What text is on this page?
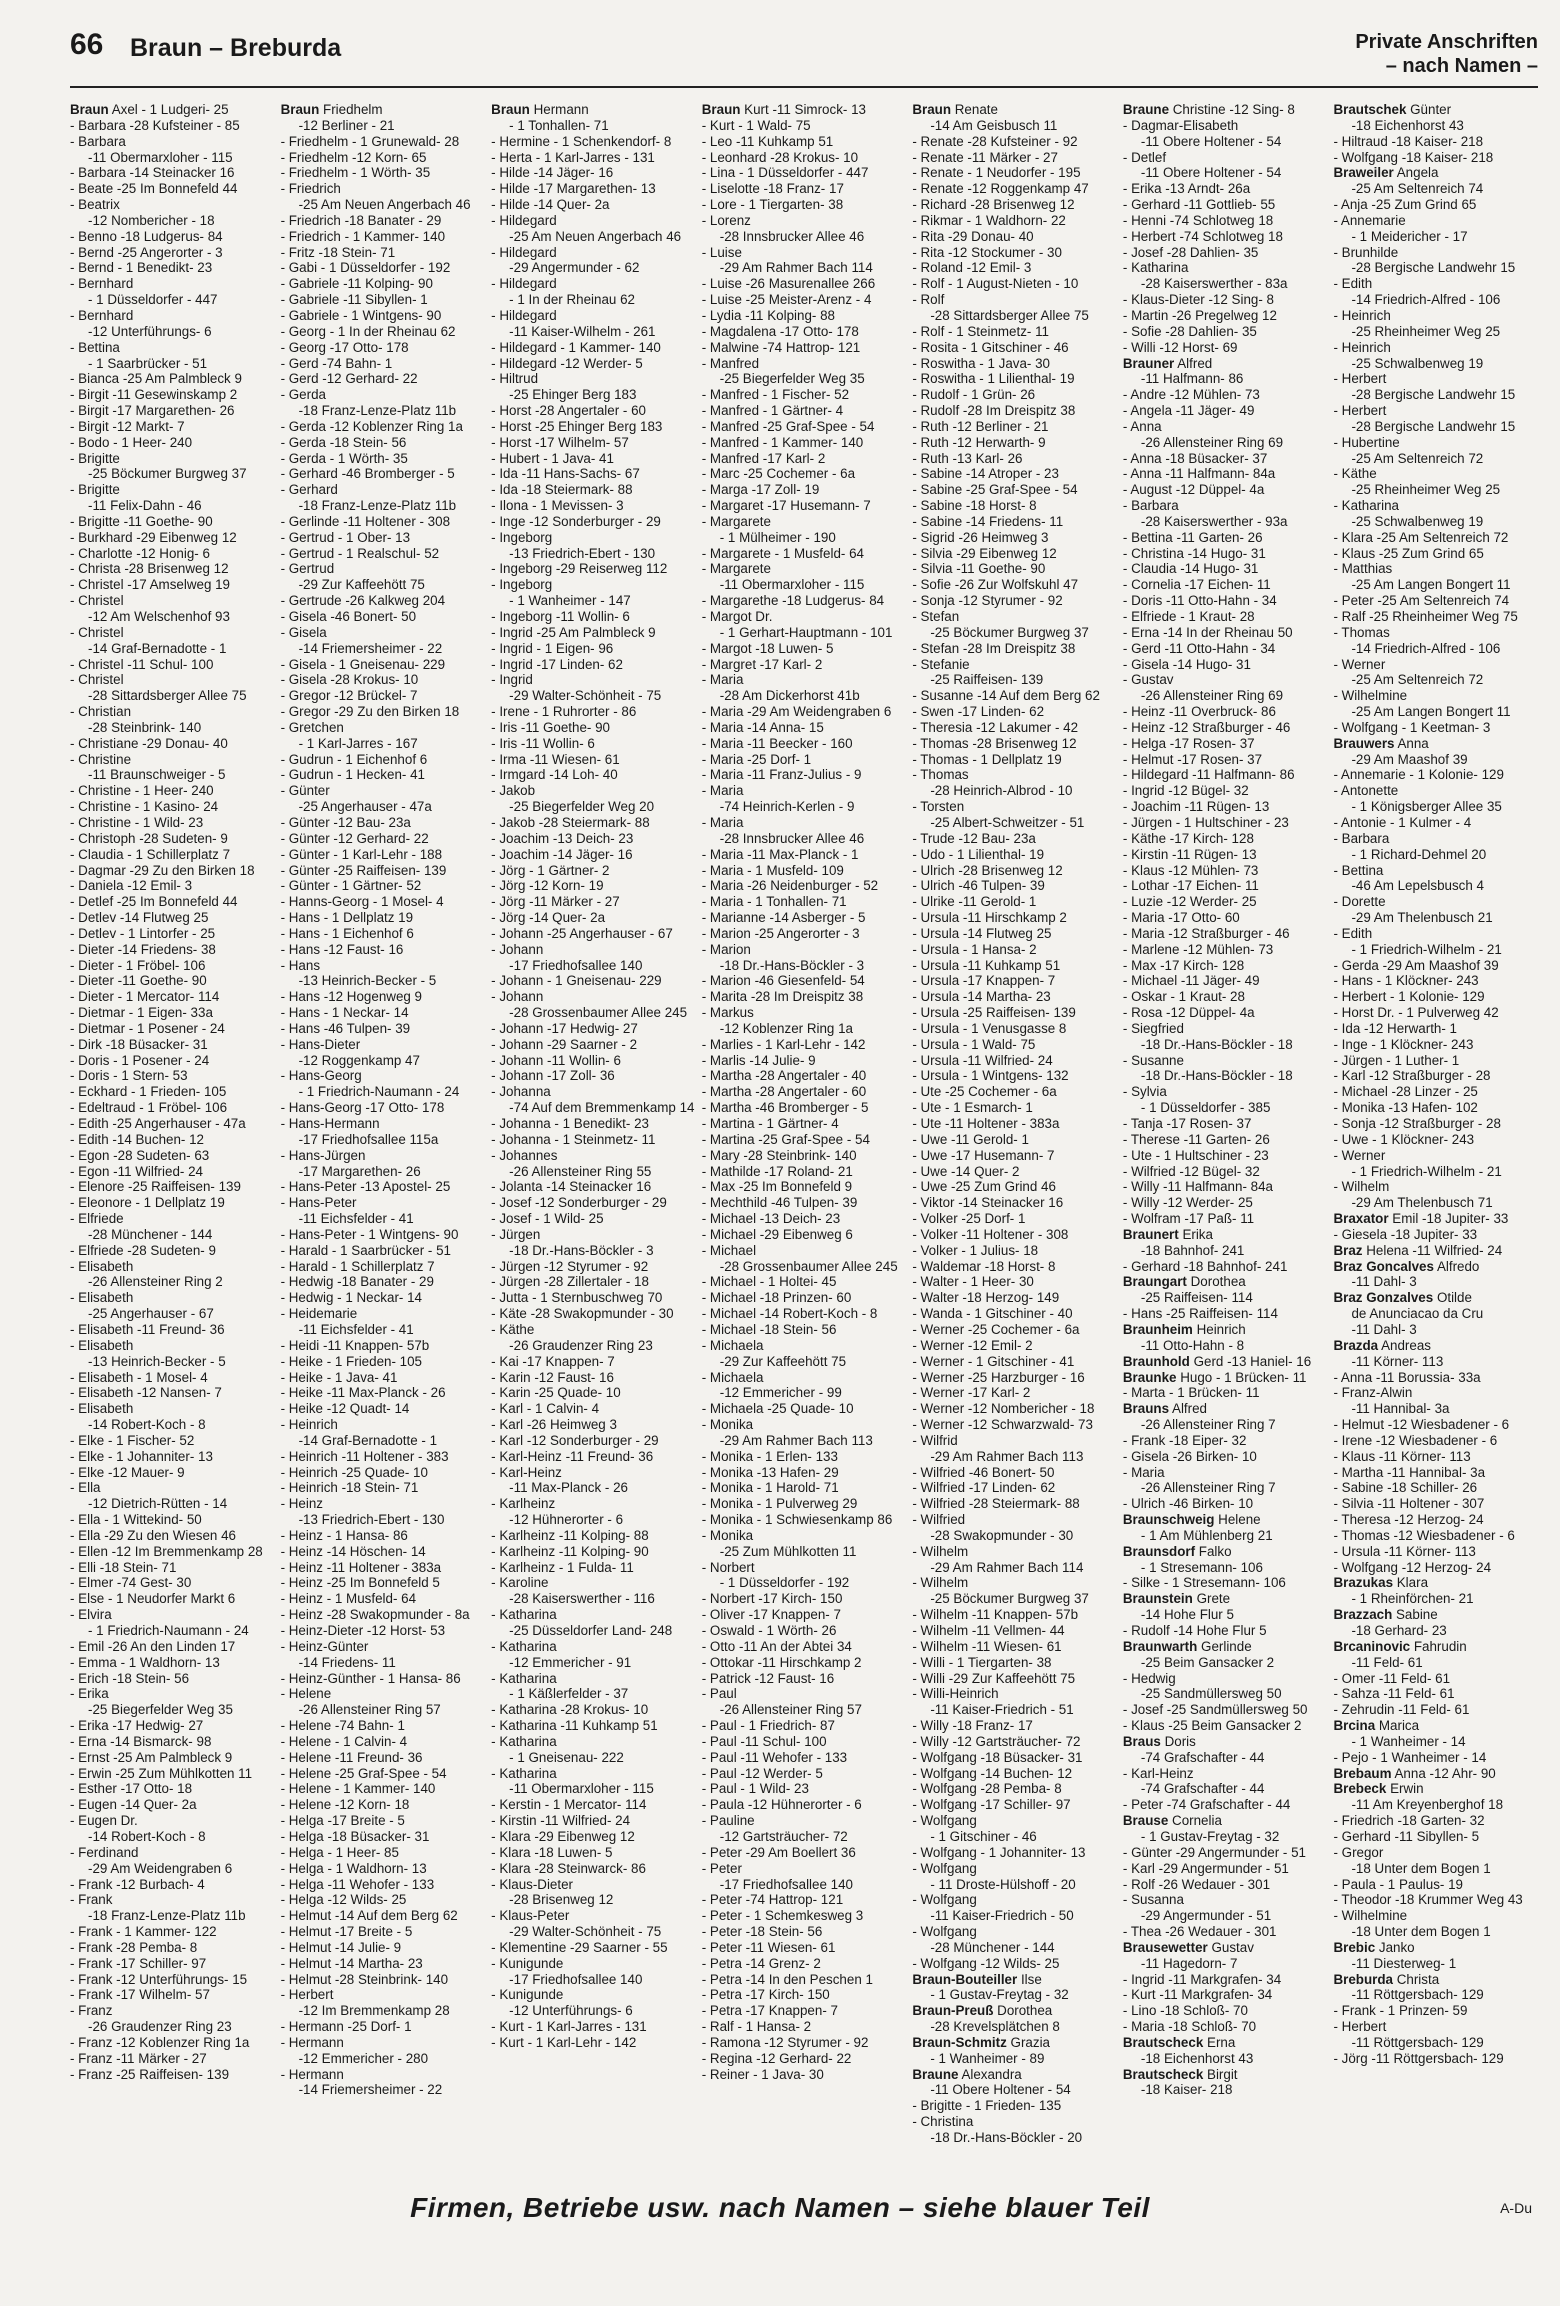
66 Braun – Breburda	Private Anschriften
– nach Namen –
Braun Axel - 1 Ludgeri- 25
- Barbara -28 Kufsteiner - 85
- Barbara
-11 Obermarxloher - 115
- Barbara -14 Steinacker 16
- Beate -25 Im Bonnefeld 44
- Beatrix
-12 Nombericher - 18
- Benno -18 Ludgerus- 84
- Bernd -25 Angerorter - 3
- Bernd - 1 Benedikt- 23
- Bernhard
- 1 Düsseldorfer - 447
- Bernhard
-12 Unterführungs- 6
- Bettina
- 1 Saarbrücker - 51
- Bianca -25 Am Palmbleck 9
- Birgit -11 Gesewinskamp 2
- Birgit -17 Margarethen- 26
- Birgit -12 Markt- 7
- Bodo - 1 Heer- 240
- Brigitte
-25 Böckumer Burgweg 37
- Brigitte
-11 Felix-Dahn - 46
- Brigitte -11 Goethe- 90
- Burkhard -29 Eibenweg 12
- Charlotte -12 Honig- 6
- Christa -28 Brisenweg 12
- Christel -17 Amselweg 19
- Christel
-12 Am Welschenhof 93
- Christel
-14 Graf-Bernadotte - 1
- Christel -11 Schul- 100
- Christel
-28 Sittardsberger Allee 75
- Christian
-28 Steinbrink- 140
- Christiane -29 Donau- 40
- Christine
-11 Braunschweiger - 5
- Christine - 1 Heer- 240
- Christine - 1 Kasino- 24
- Christine - 1 Wild- 23
- Christoph -28 Sudeten- 9
- Claudia - 1 Schillerplatz 7
- Dagmar -29 Zu den Birken 18
- Daniela -12 Emil- 3
- Detlef -25 Im Bonnefeld 44
- Detlev -14 Flutweg 25
- Detlev - 1 Lintorfer - 25
- Dieter -14 Friedens- 38
- Dieter - 1 Fröbel- 106
- Dieter -11 Goethe- 90
- Dieter - 1 Mercator- 114
- Dietmar - 1 Eigen- 33a
- Dietmar - 1 Posener - 24
- Dirk -18 Büsacker- 31
- Doris - 1 Posener - 24
- Doris - 1 Stern- 53
- Eckhard - 1 Frieden- 105
- Edeltraud - 1 Fröbel- 106
- Edith -25 Angerhauser - 47a
- Edith -14 Buchen- 12
- Egon -28 Sudeten- 63
- Egon -11 Wilfried- 24
- Elenore -25 Raiffeisen- 139
- Eleonore - 1 Dellplatz 19
- Elfriede
-28 Münchener - 144
- Elfriede -28 Sudeten- 9
- Elisabeth
-26 Allensteiner Ring 2
- Elisabeth
-25 Angerhauser - 67
- Elisabeth -11 Freund- 36
- Elisabeth
-13 Heinrich-Becker - 5
- Elisabeth - 1 Mosel- 4
- Elisabeth -12 Nansen- 7
- Elisabeth
-14 Robert-Koch - 8
- Elke - 1 Fischer- 52
- Elke - 1 Johanniter- 13
- Elke -12 Mauer- 9
- Ella
-12 Dietrich-Rütten - 14
- Ella - 1 Wittekind- 50
- Ella -29 Zu den Wiesen 46
- Ellen -12 Im Bremmenkamp 28
- Elli -18 Stein- 71
- Elmer -74 Gest- 30
- Else - 1 Neudorfer Markt 6
- Elvira
- 1 Friedrich-Naumann - 24
- Emil -26 An den Linden 17
- Emma - 1 Waldhorn- 13
- Erich -18 Stein- 56
- Erika
-25 Biegerfelder Weg 35
- Erika -17 Hedwig- 27
- Erna -14 Bismarck- 98
- Ernst -25 Am Palmbleck 9
- Erwin -25 Zum Mühlkotten 11
- Esther -17 Otto- 18
- Eugen -14 Quer- 2a
- Eugen Dr.
-14 Robert-Koch - 8
- Ferdinand
-29 Am Weidengraben 6
- Frank -12 Burbach- 4
- Frank
-18 Franz-Lenze-Platz 11b
- Frank - 1 Kammer- 122
- Frank -28 Pemba- 8
- Frank -17 Schiller- 97
- Frank -12 Unterführungs- 15
- Frank -17 Wilhelm- 57
- Franz
-26 Graudenzer Ring 23
- Franz -12 Koblenzer Ring 1a
- Franz -11 Märker - 27
- Franz -25 Raiffeisen- 139
Braun Friedhelm
-12 Berliner - 21
- Friedhelm - 1 Grunewald- 28
- Friedhelm -12 Korn- 65
- Friedhelm - 1 Wörth- 35
- Friedrich
-25 Am Neuen Angerbach 46
- Friedrich -18 Banater - 29
- Friedrich - 1 Kammer- 140
- Fritz -18 Stein- 71
- Gabi - 1 Düsseldorfer - 192
- Gabriele -11 Kolping- 90
- Gabriele -11 Sibyllen- 1
- Gabriele - 1 Wintgens- 90
- Georg - 1 In der Rheinau 62
- Georg -17 Otto- 178
- Gerd -74 Bahn- 1
- Gerd -12 Gerhard- 22
- Gerda
-18 Franz-Lenze-Platz 11b
- Gerda -12 Koblenzer Ring 1a
- Gerda -18 Stein- 56
- Gerda - 1 Wörth- 35
- Gerhard -46 Bromberger - 5
- Gerhard
-18 Franz-Lenze-Platz 11b
- Gerlinde -11 Holtener - 308
- Gertrud - 1 Ober- 13
- Gertrud - 1 Realschul- 52
- Gertrud
-29 Zur Kaffeehött 75
- Gertrude -26 Kalkweg 204
- Gisela -46 Bonert- 50
- Gisela
-14 Friemersheimer - 22
- Gisela - 1 Gneisenau- 229
- Gisela -28 Krokus- 10
- Gregor -12 Brückel- 7
- Gregor -29 Zu den Birken 18
- Gretchen
- 1 Karl-Jarres - 167
- Gudrun - 1 Eichenhof 6
- Gudrun - 1 Hecken- 41
- Günter
-25 Angerhauser - 47a
- Günter -12 Bau- 23a
- Günter -12 Gerhard- 22
- Günter - 1 Karl-Lehr - 188
- Günter -25 Raiffeisen- 139
- Günter - 1 Gärtner- 52
- Hanns-Georg - 1 Mosel- 4
- Hans - 1 Dellplatz 19
- Hans - 1 Eichenhof 6
- Hans -12 Faust- 16
- Hans
-13 Heinrich-Becker - 5
- Hans -12 Hogenweg 9
- Hans - 1 Neckar- 14
- Hans -46 Tulpen- 39
- Hans-Dieter
-12 Roggenkamp 47
- Hans-Georg
- 1 Friedrich-Naumann - 24
- Hans-Georg -17 Otto- 178
- Hans-Hermann
-17 Friedhofsallee 115a
- Hans-Jürgen
-17 Margarethen- 26
- Hans-Peter -13 Apostel- 25
- Hans-Peter
-11 Eichsfelder - 41
- Hans-Peter - 1 Wintgens- 90
- Harald - 1 Saarbrücker - 51
- Harald - 1 Schillerplatz 7
- Hedwig -18 Banater - 29
- Hedwig - 1 Neckar- 14
- Heidemarie
-11 Eichsfelder - 41
- Heidi -11 Knappen- 57b
- Heike - 1 Frieden- 105
- Heike - 1 Java- 41
- Heike -11 Max-Planck - 26
- Heike -12 Quadt- 14
- Heinrich
-14 Graf-Bernadotte - 1
- Heinrich -11 Holtener - 383
- Heinrich -25 Quade- 10
- Heinrich -18 Stein- 71
- Heinz
-13 Friedrich-Ebert - 130
- Heinz - 1 Hansa- 86
- Heinz -14 Höschen- 14
- Heinz -11 Holtener - 383a
- Heinz -25 Im Bonnefeld 5
- Heinz - 1 Musfeld- 64
- Heinz -28 Swakopmunder - 8a
- Heinz-Dieter -12 Horst- 53
- Heinz-Günter
-14 Friedens- 11
- Heinz-Günther - 1 Hansa- 86
- Helene
-26 Allensteiner Ring 57
- Helene -74 Bahn- 1
- Helene - 1 Calvin- 4
- Helene -11 Freund- 36
- Helene -25 Graf-Spee - 54
- Helene - 1 Kammer- 140
- Helene -12 Korn- 18
- Helga -17 Breite - 5
- Helga -18 Büsacker- 31
- Helga - 1 Heer- 85
- Helga - 1 Waldhorn- 13
- Helga -11 Wehofer - 133
- Helga -12 Wilds- 25
- Helmut -14 Auf dem Berg 62
- Helmut -17 Breite - 5
- Helmut -14 Julie- 9
- Helmut -14 Martha- 23
- Helmut -28 Steinbrink- 140
- Herbert
-12 Im Bremmenkamp 28
- Hermann -25 Dorf- 1
- Hermann
-12 Emmericher - 280
- Hermann
-14 Friemersheimer - 22
Braun Hermann
- 1 Tonhallen- 71
- Hermine - 1 Schenkendorf- 8
- Herta - 1 Karl-Jarres - 131
- Hilde -14 Jäger- 16
- Hilde -17 Margarethen- 13
- Hilde -14 Quer- 2a
- Hildegard
-25 Am Neuen Angerbach 46
- Hildegard
-29 Angermunder - 62
- Hildegard
- 1 In der Rheinau 62
- Hildegard
-11 Kaiser-Wilhelm - 261
- Hildegard - 1 Kammer- 140
- Hildegard -12 Werder- 5
- Hiltrud
-25 Ehinger Berg 183
- Horst -28 Angertaler - 60
- Horst -25 Ehinger Berg 183
- Horst -17 Wilhelm- 57
- Hubert - 1 Java- 41
- Ida -11 Hans-Sachs- 67
- Ida -18 Steiermark- 88
- Ilona - 1 Mevissen- 3
- Inge -12 Sonderburger - 29
- Ingeborg
-13 Friedrich-Ebert - 130
- Ingeborg -29 Reiserweg 112
- Ingeborg
- 1 Wanheimer - 147
- Ingeborg -11 Wollin- 6
- Ingrid -25 Am Palmbleck 9
- Ingrid - 1 Eigen- 96
- Ingrid -17 Linden- 62
- Ingrid
-29 Walter-Schönheit - 75
- Irene - 1 Ruhrorter - 86
- Iris -11 Goethe- 90
- Iris -11 Wollin- 6
- Irma -11 Wiesen- 61
- Irmgard -14 Loh- 40
- Jakob
-25 Biegerfelder Weg 20
- Jakob -28 Steiermark- 88
- Joachim -13 Deich- 23
- Joachim -14 Jäger- 16
- Jörg - 1 Gärtner- 2
- Jörg -12 Korn- 19
- Jörg -11 Märker - 27
- Jörg -14 Quer- 2a
- Johann -25 Angerhauser - 67
- Johann
-17 Friedhofsallee 140
- Johann - 1 Gneisenau- 229
- Johann
-28 Grossenbaumer Allee 245
- Johann -17 Hedwig- 27
- Johann -29 Saarner - 2
- Johann -11 Wollin- 6
- Johann -17 Zoll- 36
- Johanna
-74 Auf dem Bremmenkamp 14
- Johanna - 1 Benedikt- 23
- Johanna - 1 Steinmetz- 11
- Johannes
-26 Allensteiner Ring 55
- Jolanta -14 Steinacker 16
- Josef -12 Sonderburger - 29
- Josef - 1 Wild- 25
- Jürgen
-18 Dr.-Hans-Böckler - 3
- Jürgen -12 Styrumer - 92
- Jürgen -28 Zillertaler - 18
- Jutta - 1 Sternbuschweg 70
- Käte -28 Swakopmunder - 30
- Käthe
-26 Graudenzer Ring 23
- Kai -17 Knappen- 7
- Karin -12 Faust- 16
- Karin -25 Quade- 10
- Karl - 1 Calvin- 4
- Karl -26 Heimweg 3
- Karl -12 Sonderburger - 29
- Karl-Heinz -11 Freund- 36
- Karl-Heinz
-11 Max-Planck - 26
- Karlheinz
-12 Hühnerorter - 6
- Karlheinz -11 Kolping- 88
- Karlheinz -11 Kolping- 90
- Karlheinz - 1 Fulda- 11
- Karoline
-28 Kaiserswerther - 116
- Katharina
-25 Düsseldorfer Land- 248
- Katharina
-12 Emmericher - 91
- Katharina
- 1 Käßlerfelder - 37
- Katharina -28 Krokus- 10
- Katharina -11 Kuhkamp 51
- Katharina
- 1 Gneisenau- 222
- Katharina
-11 Obermarxloher - 115
- Kerstin - 1 Mercator- 114
- Kirstin -11 Wilfried- 24
- Klara -29 Eibenweg 12
- Klara -18 Luwen- 5
- Klara -28 Steinwarck- 86
- Klaus-Dieter
-28 Brisenweg 12
- Klaus-Peter
-29 Walter-Schönheit - 75
- Klementine -29 Saarner - 55
- Kunigunde
-17 Friedhofsallee 140
- Kunigunde
-12 Unterführungs- 6
- Kurt - 1 Karl-Jarres - 131
- Kurt - 1 Karl-Lehr - 142
Braun Kurt -11 Simrock- 13
- Kurt - 1 Wald- 75
- Leo -11 Kuhkamp 51
- Leonhard -28 Krokus- 10
- Lina - 1 Düsseldorfer - 447
- Liselotte -18 Franz- 17
- Lore - 1 Tiergarten- 38
- Lorenz
-28 Innsbrucker Allee 46
- Luise
-29 Am Rahmer Bach 114
- Luise -26 Masurenallee 266
- Luise -25 Meister-Arenz - 4
- Lydia -11 Kolping- 88
- Magdalena -17 Otto- 178
- Malwine -74 Hattrop- 121
- Manfred
-25 Biegerfelder Weg 35
- Manfred - 1 Fischer- 52
- Manfred - 1 Gärtner- 4
- Manfred -25 Graf-Spee - 54
- Manfred - 1 Kammer- 140
- Manfred -17 Karl- 2
- Marc -25 Cochemer - 6a
- Marga -17 Zoll- 19
- Margaret -17 Husemann- 7
- Margarete
- 1 Mülheimer - 190
- Margarete - 1 Musfeld- 64
- Margarete
-11 Obermarxloher - 115
- Margarethe -18 Ludgerus- 84
- Margot Dr.
- 1 Gerhart-Hauptmann - 101
- Margot -18 Luwen- 5
- Margret -17 Karl- 2
- Maria
-28 Am Dickerhorst 41b
- Maria -29 Am Weidengraben 6
- Maria -14 Anna- 15
- Maria -11 Beecker - 160
- Maria -25 Dorf- 1
- Maria -11 Franz-Julius - 9
- Maria
-74 Heinrich-Kerlen - 9
- Maria
-28 Innsbrucker Allee 46
- Maria -11 Max-Planck - 1
- Maria - 1 Musfeld- 109
- Maria -26 Neidenburger - 52
- Maria - 1 Tonhallen- 71
- Marianne -14 Asberger - 5
- Marion -25 Angerorter - 3
- Marion
-18 Dr.-Hans-Böckler - 3
- Marion -46 Giesenfeld- 54
- Marita -28 Im Dreispitz 38
- Markus
-12 Koblenzer Ring 1a
- Marlies - 1 Karl-Lehr - 142
- Marlis -14 Julie- 9
- Martha -28 Angertaler - 40
- Martha -28 Angertaler - 60
- Martha -46 Bromberger - 5
- Martina - 1 Gärtner- 4
- Martina -25 Graf-Spee - 54
- Mary -28 Steinbrink- 140
- Mathilde -17 Roland- 21
- Max -25 Im Bonnefeld 9
- Mechthild -46 Tulpen- 39
- Michael -13 Deich- 23
- Michael -29 Eibenweg 6
- Michael
-28 Grossenbaumer Allee 245
- Michael - 1 Holtei- 45
- Michael -18 Prinzen- 60
- Michael -14 Robert-Koch - 8
- Michael -18 Stein- 56
- Michaela
-29 Zur Kaffeehött 75
- Michaela
-12 Emmericher - 99
- Michaela -25 Quade- 10
- Monika
-29 Am Rahmer Bach 113
- Monika - 1 Erlen- 133
- Monika -13 Hafen- 29
- Monika - 1 Harold- 71
- Monika - 1 Pulverweg 29
- Monika - 1 Schwiesenkamp 86
- Monika
-25 Zum Mühlkotten 11
- Norbert
- 1 Düsseldorfer - 192
- Norbert -17 Kirch- 150
- Oliver -17 Knappen- 7
- Oswald - 1 Wörth- 26
- Otto -11 An der Abtei 34
- Ottokar -11 Hirschkamp 2
- Patrick -12 Faust- 16
- Paul
-26 Allensteiner Ring 57
- Paul - 1 Friedrich- 87
- Paul -11 Schul- 100
- Paul -11 Wehofer - 133
- Paul -12 Werder- 5
- Paul - 1 Wild- 23
- Paula -12 Hühnerorter - 6
- Pauline
-12 Gartsträucher- 72
- Peter -29 Am Boellert 36
- Peter
-17 Friedhofsallee 140
- Peter -74 Hattrop- 121
- Peter - 1 Schemkesweg 3
- Peter -18 Stein- 56
- Peter -11 Wiesen- 61
- Petra -14 Grenz- 2
- Petra -14 In den Peschen 1
- Petra -17 Kirch- 150
- Petra -17 Knappen- 7
- Ralf - 1 Hansa- 2
- Ramona -12 Styrumer - 92
- Regina -12 Gerhard- 22
- Reiner - 1 Java- 30
Braun Renate
-14 Am Geisbusch 11
- Renate -28 Kufsteiner - 92
- Renate -11 Märker - 27
- Renate - 1 Neudorfer - 195
- Renate -12 Roggenkamp 47
- Richard -28 Brisenweg 12
- Rikmar - 1 Waldhorn- 22
- Rita -29 Donau- 40
- Rita -12 Stockumer - 30
- Roland -12 Emil- 3
- Rolf - 1 August-Nieten - 10
- Rolf
-28 Sittardsberger Allee 75
- Rolf - 1 Steinmetz- 11
- Rosita - 1 Gitschiner - 46
- Roswitha - 1 Java- 30
- Roswitha - 1 Lilienthal- 19
- Rudolf - 1 Grün- 26
- Rudolf -28 Im Dreispitz 38
- Ruth -12 Berliner - 21
- Ruth -12 Herwarth- 9
- Ruth -13 Karl- 26
- Sabine -14 Atroper - 23
- Sabine -25 Graf-Spee - 54
- Sabine -18 Horst- 8
- Sabine -14 Friedens- 11
- Sigrid -26 Heimweg 3
- Silvia -29 Eibenweg 12
- Silvia -11 Goethe- 90
- Sofie -26 Zur Wolfskuhl 47
- Sonja -12 Styrumer - 92
- Stefan
-25 Böckumer Burgweg 37
- Stefan -28 Im Dreispitz 38
- Stefanie
-25 Raiffeisen- 139
- Susanne -14 Auf dem Berg 62
- Swen -17 Linden- 62
- Theresia -12 Lakumer - 42
- Thomas -28 Brisenweg 12
- Thomas - 1 Dellplatz 19
- Thomas
-28 Heinrich-Albrod - 10
- Torsten
-25 Albert-Schweitzer - 51
- Trude -12 Bau- 23a
- Udo - 1 Lilienthal- 19
- Ulrich -28 Brisenweg 12
- Ulrich -46 Tulpen- 39
- Ulrike -11 Gerold- 1
- Ursula -11 Hirschkamp 2
- Ursula -14 Flutweg 25
- Ursula - 1 Hansa- 2
- Ursula -11 Kuhkamp 51
- Ursula -17 Knappen- 7
- Ursula -14 Martha- 23
- Ursula -25 Raiffeisen- 139
- Ursula - 1 Venusgasse 8
- Ursula - 1 Wald- 75
- Ursula -11 Wilfried- 24
- Ursula - 1 Wintgens- 132
- Ute -25 Cochemer - 6a
- Ute - 1 Esmarch- 1
- Ute -11 Holtener - 383a
- Uwe -11 Gerold- 1
- Uwe -17 Husemann- 7
- Uwe -14 Quer- 2
- Uwe -25 Zum Grind 46
- Viktor -14 Steinacker 16
- Volker -25 Dorf- 1
- Volker -11 Holtener - 308
- Volker - 1 Julius- 18
- Waldemar -18 Horst- 8
- Walter - 1 Heer- 30
- Walter -18 Herzog- 149
- Wanda - 1 Gitschiner - 40
- Werner -25 Cochemer - 6a
- Werner -12 Emil- 2
- Werner - 1 Gitschiner - 41
- Werner -25 Harzburger - 16
- Werner -17 Karl- 2
- Werner -12 Nombericher - 18
- Werner -12 Schwarzwald- 73
- Wilfrid
-29 Am Rahmer Bach 113
- Wilfried -46 Bonert- 50
- Wilfried -17 Linden- 62
- Wilfried -28 Steiermark- 88
- Wilfried
-28 Swakopmunder - 30
- Wilhelm
-29 Am Rahmer Bach 114
- Wilhelm
-25 Böckumer Burgweg 37
- Wilhelm -11 Knappen- 57b
- Wilhelm -11 Vellmen- 44
- Wilhelm -11 Wiesen- 61
- Willi - 1 Tiergarten- 38
- Willi -29 Zur Kaffeehött 75
- Willi-Heinrich
-11 Kaiser-Friedrich - 51
- Willy -18 Franz- 17
- Willy -12 Gartsträucher- 72
- Wolfgang -18 Büsacker- 31
- Wolfgang -14 Buchen- 12
- Wolfgang -28 Pemba- 8
- Wolfgang -17 Schiller- 97
- Wolfgang
- 1 Gitschiner - 46
- Wolfgang - 1 Johanniter- 13
- Wolfgang
- 11 Droste-Hülshoff - 20
- Wolfgang
-11 Kaiser-Friedrich - 50
- Wolfgang
-28 Münchener - 144
- Wolfgang -12 Wilds- 25
Braun-Bouteiller Ilse
- 1 Gustav-Freytag - 32
Braun-Preuß Dorothea
-28 Krevelsplätchen 8
Braun-Schmitz Grazia
- 1 Wanheimer - 89
Braune Alexandra
-11 Obere Holtener - 54
- Brigitte - 1 Frieden- 135
- Christina
-18 Dr.-Hans-Böckler - 20
Braune Christine -12 Sing- 8
- Dagmar-Elisabeth
-11 Obere Holtener - 54
- Detlef
-11 Obere Holtener - 54
- Erika -13 Arndt- 26a
- Gerhard -11 Gottlieb- 55
- Henni -74 Schlotweg 18
- Herbert -74 Schlotweg 18
- Josef -28 Dahlien- 35
- Katharina
-28 Kaiserswerther - 83a
- Klaus-Dieter -12 Sing- 8
- Martin -26 Pregelweg 12
- Sofie -28 Dahlien- 35
- Willi -12 Horst- 69
Brauner Alfred
-11 Halfmann- 86
- Andre -12 Mühlen- 73
- Angela -11 Jäger- 49
- Anna
-26 Allensteiner Ring 69
- Anna -18 Büsacker- 37
- Anna -11 Halfmann- 84a
- August -12 Düppel- 4a
- Barbara
-28 Kaiserswerther - 93a
- Bettina -11 Garten- 26
- Christina -14 Hugo- 31
- Claudia -14 Hugo- 31
- Cornelia -17 Eichen- 11
- Doris -11 Otto-Hahn - 34
- Elfriede - 1 Kraut- 28
- Erna -14 In der Rheinau 50
- Gerd -11 Otto-Hahn - 34
- Gisela -14 Hugo- 31
- Gustav
-26 Allensteiner Ring 69
- Heinz -11 Overbruck- 86
- Heinz -12 Straßburger - 46
- Helga -17 Rosen- 37
- Helmut -17 Rosen- 37
- Hildegard -11 Halfmann- 86
- Ingrid -12 Bügel- 32
- Joachim -11 Rügen- 13
- Jürgen - 1 Hultschiner - 23
- Käthe -17 Kirch- 128
- Kirstin -11 Rügen- 13
- Klaus -12 Mühlen- 73
- Lothar -17 Eichen- 11
- Luzie -12 Werder- 25
- Maria -17 Otto- 60
- Maria -12 Straßburger - 46
- Marlene -12 Mühlen- 73
- Max -17 Kirch- 128
- Michael -11 Jäger- 49
- Oskar - 1 Kraut- 28
- Rosa -12 Düppel- 4a
- Siegfried
-18 Dr.-Hans-Böckler - 18
- Susanne
-18 Dr.-Hans-Böckler - 18
- Sylvia
- 1 Düsseldorfer - 385
- Tanja -17 Rosen- 37
- Therese -11 Garten- 26
- Ute - 1 Hultschiner - 23
- Wilfried -12 Bügel- 32
- Willy -11 Halfmann- 84a
- Willy -12 Werder- 25
- Wolfram -17 Paß- 11
Braunert Erika
-18 Bahnhof- 241
- Gerhard -18 Bahnhof- 241
Braungart Dorothea
-25 Raiffeisen- 114
- Hans -25 Raiffeisen- 114
Braunheim Heinrich
-11 Otto-Hahn - 8
Braunhold Gerd -13 Haniel- 16
Braunke Hugo - 1 Brücken- 11
- Marta - 1 Brücken- 11
Brauns Alfred
-26 Allensteiner Ring 7
- Frank -18 Eiper- 32
- Gisela -26 Birken- 10
- Maria
-26 Allensteiner Ring 7
- Ulrich -46 Birken- 10
Braunschweig Helene
- 1 Am Mühlenberg 21
Braunsdorf Falko
- 1 Stresemann- 106
- Silke - 1 Stresemann- 106
Braunstein Grete
-14 Hohe Flur 5
- Rudolf -14 Hohe Flur 5
Braunwarth Gerlinde
-25 Beim Gansacker 2
- Hedwig
-25 Sandmüllersweg 50
- Josef -25 Sandmüllersweg 50
- Klaus -25 Beim Gansacker 2
Braus Doris
-74 Grafschafter - 44
- Karl-Heinz
-74 Grafschafter - 44
- Peter -74 Grafschafter - 44
Brause Cornelia
- 1 Gustav-Freytag - 32
- Günter -29 Angermunder - 51
- Karl -29 Angermunder - 51
- Rolf -26 Wedauer - 301
- Susanna
-29 Angermunder - 51
- Thea -26 Wedauer - 301
Brausewetter Gustav
-11 Hagedorn- 7
- Ingrid -11 Markgrafen- 34
- Kurt -11 Markgrafen- 34
- Lino -18 Schloß- 70
- Maria -18 Schloß- 70
Brautscheck Erna
-18 Eichenhorst 43
Brautscheck Birgit
-18 Kaiser- 218
Brautschek Günter
-18 Eichenhorst 43
- Hiltraud -18 Kaiser- 218
- Wolfgang -18 Kaiser- 218
Braweiler Angela
-25 Am Seltenreich 74
- Anja -25 Zum Grind 65
- Annemarie
- 1 Meidericher - 17
- Brunhilde
-28 Bergische Landwehr 15
- Edith
-14 Friedrich-Alfred - 106
- Heinrich
-25 Rheinheimer Weg 25
- Heinrich
-25 Schwalbenweg 19
- Herbert
-28 Bergische Landwehr 15
- Herbert
-28 Bergische Landwehr 15
- Hubertine
-25 Am Seltenreich 72
- Käthe
-25 Rheinheimer Weg 25
- Katharina
-25 Schwalbenweg 19
- Klara -25 Am Seltenreich 72
- Klaus -25 Zum Grind 65
- Matthias
-25 Am Langen Bongert 11
- Peter -25 Am Seltenreich 74
- Ralf -25 Rheinheimer Weg 75
- Thomas
-14 Friedrich-Alfred - 106
- Werner
-25 Am Seltenreich 72
- Wilhelmine
-25 Am Langen Bongert 11
- Wolfgang - 1 Keetman- 3
Brauwers Anna
-29 Am Maashof 39
- Annemarie - 1 Kolonie- 129
- Antonette
- 1 Königsberger Allee 35
- Antonie - 1 Kulmer - 4
- Barbara
- 1 Richard-Dehmel 20
- Bettina
-46 Am Lepelsbusch 4
- Dorette
-29 Am Thelenbusch 21
- Edith
- 1 Friedrich-Wilhelm - 21
- Gerda -29 Am Maashof 39
- Hans - 1 Klöckner- 243
- Herbert - 1 Kolonie- 129
- Horst Dr. - 1 Pulverweg 42
- Ida -12 Herwarth- 1
- Inge - 1 Klöckner- 243
- Jürgen - 1 Luther- 1
- Karl -12 Straßburger - 28
- Michael -28 Linzer - 25
- Monika -13 Hafen- 102
- Sonja -12 Straßburger - 28
- Uwe - 1 Klöckner- 243
- Werner
- 1 Friedrich-Wilhelm - 21
- Wilhelm
-29 Am Thelenbusch 71
Braxator Emil -18 Jupiter- 33
- Giesela -18 Jupiter- 33
Braz Helena -11 Wilfried- 24
Braz Goncalves Alfredo
-11 Dahl- 3
Braz Gonzalves Otilde
de Anunciacao da Cru
-11 Dahl- 3
Brazda Andreas
-11 Körner- 113
- Anna -11 Borussia- 33a
- Franz-Alwin
-11 Hannibal- 3a
- Helmut -12 Wiesbadener - 6
- Irene -12 Wiesbadener - 6
- Klaus -11 Körner- 113
- Martha -11 Hannibal- 3a
- Sabine -18 Schiller- 26
- Silvia -11 Holtener - 307
- Theresa -12 Herzog- 24
- Thomas -12 Wiesbadener - 6
- Ursula -11 Körner- 113
- Wolfgang -12 Herzog- 24
Brazukas Klara
- 1 Rheinförchen- 21
Brazzach Sabine
-18 Gerhard- 23
Brcaninovic Fahrudin
-11 Feld- 61
- Omer -11 Feld- 61
- Sahza -11 Feld- 61
- Zehrudin -11 Feld- 61
Brcina Marica
- 1 Wanheimer - 14
- Pejo - 1 Wanheimer - 14
Brebaum Anna -12 Ahr- 90
Brebeck Erwin
-11 Am Kreyenberghof 18
- Friedrich -18 Garten- 32
- Gerhard -11 Sibyllen- 5
- Gregor
-18 Unter dem Bogen 1
- Paula - 1 Paulus- 19
- Theodor -18 Krummer Weg 43
- Wilhelmine
-18 Unter dem Bogen 1
Brebic Janko
-11 Diesterweg- 1
Breburda Christa
-11 Röttgersbach- 129
- Frank - 1 Prinzen- 59
- Herbert
-11 Röttgersbach- 129
- Jörg -11 Röttgersbach- 129
Firmen, Betriebe usw. nach Namen – siehe blauer Teil	A-Du
